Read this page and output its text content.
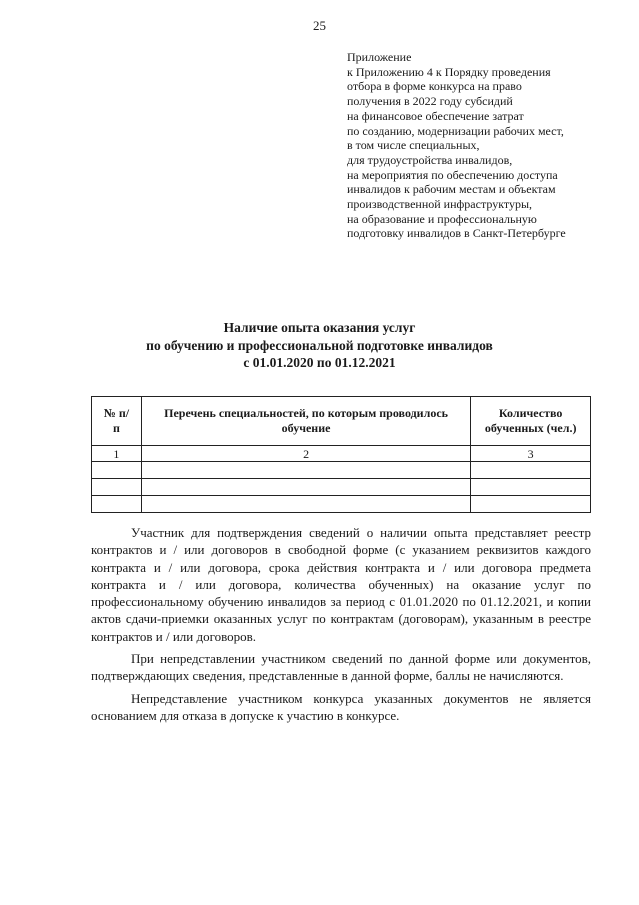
25
Приложение
к Приложению 4 к Порядку проведения
отбора в форме конкурса на право
получения в 2022 году субсидий
на финансовое обеспечение затрат
по созданию, модернизации рабочих мест,
в том числе специальных,
для трудоустройства инвалидов,
на мероприятия по обеспечению доступа
инвалидов к рабочим местам и объектам
производственной инфраструктуры,
на образование и профессиональную
подготовку инвалидов в Санкт-Петербурге
Наличие опыта оказания услуг
по обучению и профессиональной подготовке инвалидов
с 01.01.2020 по 01.12.2021
№ п/п	Перечень специальностей, по которым проводилось обучение	Количество обученных (чел.)

1	2	3

Участник для подтверждения сведений о наличии опыта представляет реестр контрактов и / или договоров в свободной форме (с указанием реквизитов каждого контракта и / или договора, срока действия контракта и / или договора предмета контракта и / или договора, количества обученных) на оказание услуг по профессиональному обучению инвалидов за период с 01.01.2020 по 01.12.2021, и копии актов сдачи-приемки оказанных услуг по контрактам (договорам), указанным в реестре контрактов и / или договоров.

При непредставлении участником сведений по данной форме или документов, подтверждающих сведения, представленные в данной форме, баллы не начисляются.

Непредставление участником конкурса указанных документов не является основанием для отказа в допуске к участию в конкурсе.
